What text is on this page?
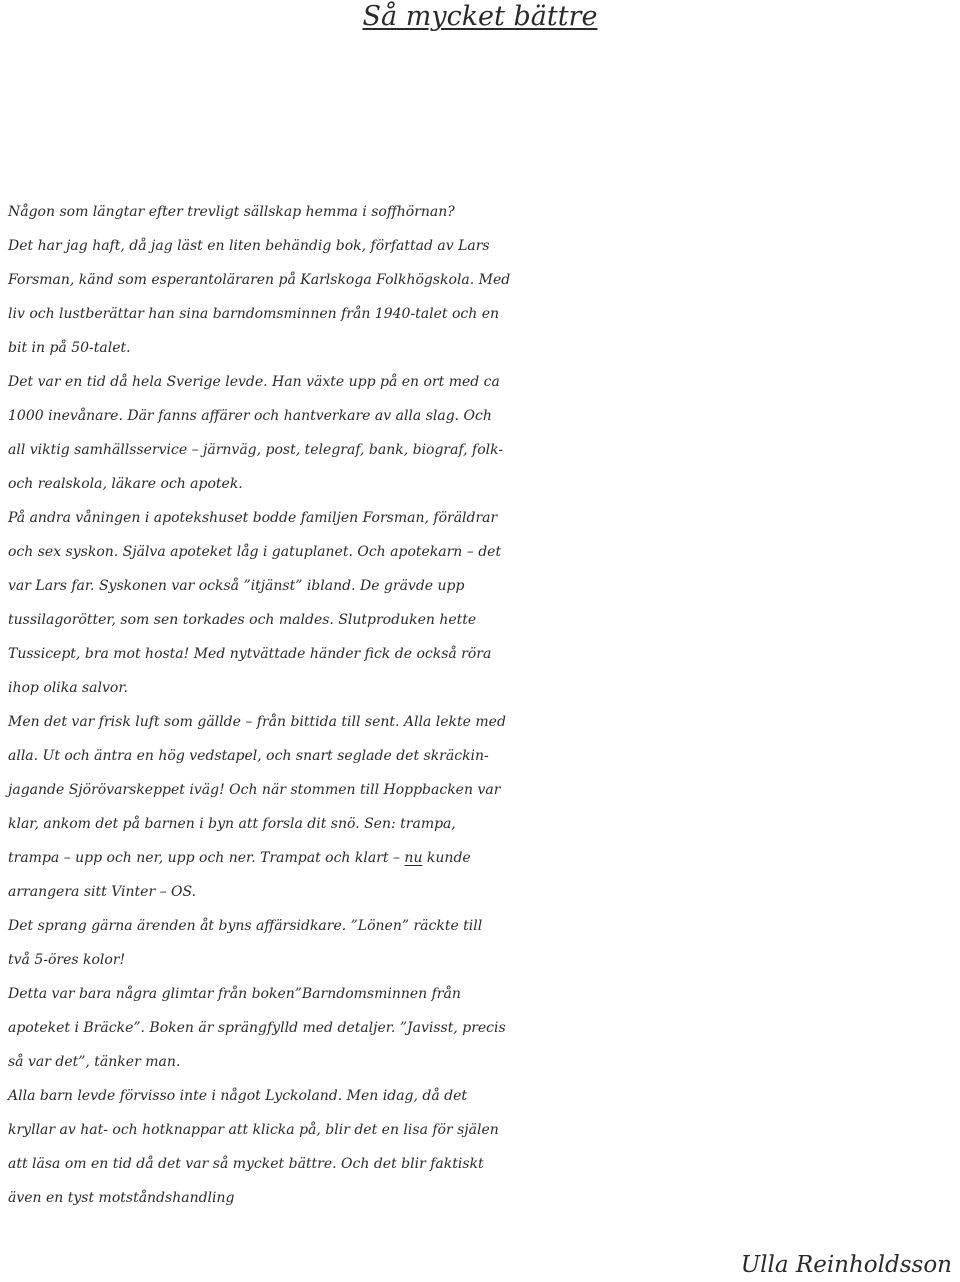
Så mycket bättre
Någon som längtar efter trevligt sällskap hemma i soffhörnan?
Det har jag haft, då jag läst en liten behändig bok, författad av Lars
Forsman, känd som esperantoläraren på Karlskoga Folkhögskola. Med
liv och lustberättar han sina barndomsminnen från 1940-talet och en
bit in på 50-talet.
Det var en tid då hela Sverige levde. Han växte upp på en ort med ca
1000 inevånare. Där fanns affärer och hantverkare av alla slag. Och
all viktig samhällsservice – järnväg, post, telegraf, bank, biograf, folk-
och realskola, läkare och apotek.
På andra våningen i apotekshuset bodde familjen Forsman, föräldrar
och sex syskon. Själva apoteket låg i gatuplanet. Och apotekarn – det
var Lars far. Syskonen var också ”itjänst” ibland. De grävde upp
tussilagorötter, som sen torkades och maldes. Slutproduken hette
Tussicept, bra mot hosta! Med nytvättade händer fick de också röra
ihop olika salvor.
Men det var frisk luft som gällde – från bittida till sent. Alla lekte med
alla. Ut och äntra en hög vedstapel, och snart seglade det skräckin-
jagande Sjörövarskeppet iväg! Och när stommen till Hoppbacken var
klar, ankom det på barnen i byn att forsla dit snö. Sen: trampa,
trampa – upp och ner, upp och ner. Trampat och klart – nu kunde
arrangera sitt Vinter – OS.
Det sprang gärna ärenden åt byns affärsidkare. ”Lönen” räckte till
två 5-öres kolor!
Detta var bara några glimtar från boken”Barndomsminnen från
apoteket i Bräcke”. Boken är sprängfylld med detaljer. ”Javisst, precis
så var det”, tänker man.
Alla barn levde förvisso inte i något Lyckoland. Men idag, då det
kryllar av hat- och hotknappar att klicka på, blir det en lisa för själen
att läsa om en tid då det var så mycket bättre. Och det blir faktiskt
även en tyst motståndshandling
Ulla Reinholdsson
